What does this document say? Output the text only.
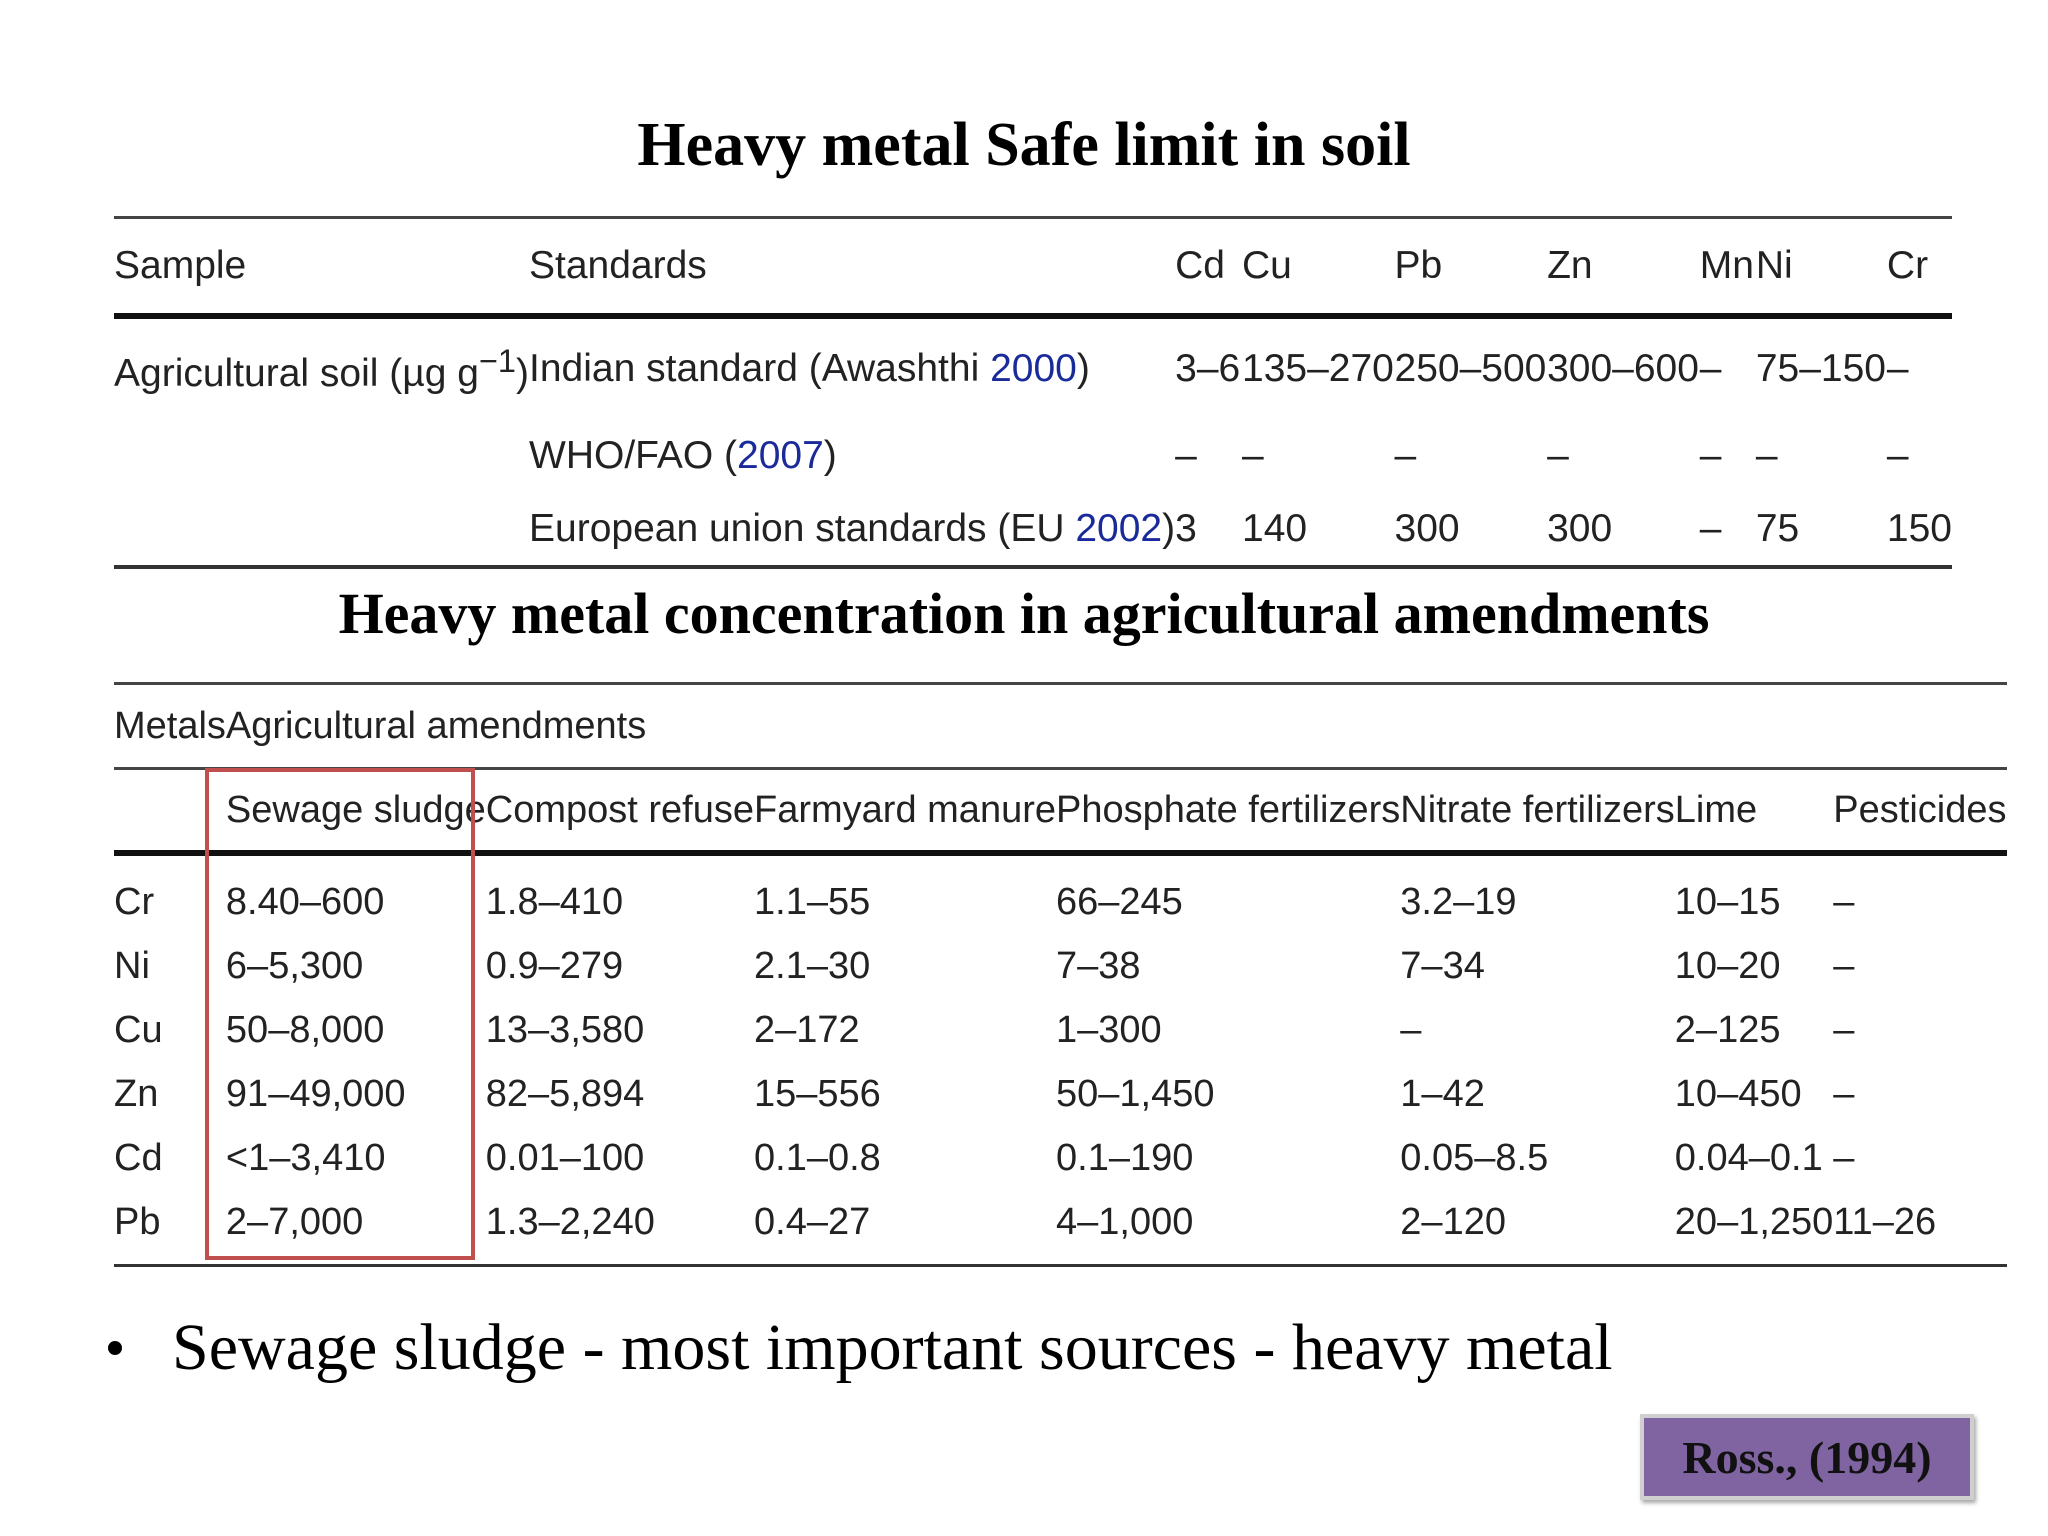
Heavy metal Safe limit in soil
Sample	Standards	Cd	Cu	Pb	Zn	Mn	Ni	Cr
Agricultural soil (µg $g^{-1}$)	Indian standard (Awashthi 2000)	3–6	135–270	250–500	300–600	–	75–150	–
	WHO/FAO (2007)	–	–	–	–	–	–	–
	European union standards (EU 2002)	3	140	300	300	–	75	150
Heavy metal concentration in agricultural amendments
Metals	Agricultural amendments						
	Sewage sludge	Compost refuse	Farmyard manure	Phosphate fertilizers	Nitrate fertilizers	Lime	Pesticides
Cr	8.40–600	1.8–410	1.1–55	66–245	3.2–19	10–15	–
Ni	6–5,300	0.9–279	2.1–30	7–38	7–34	10–20	–
Cu	50–8,000	13–3,580	2–172	1–300	–	2–125	–
Zn	91–49,000	82–5,894	15–556	50–1,450	1–42	10–450	–
Cd	<1–3,410	0.01–100	0.1–0.8	0.1–190	0.05–8.5	0.04–0.1	–
Pb	2–7,000	1.3–2,240	0.4–27	4–1,000	2–120	20–1,250	11–26
Sewage sludge - most important sources - heavy metal
Ross., (1994)
